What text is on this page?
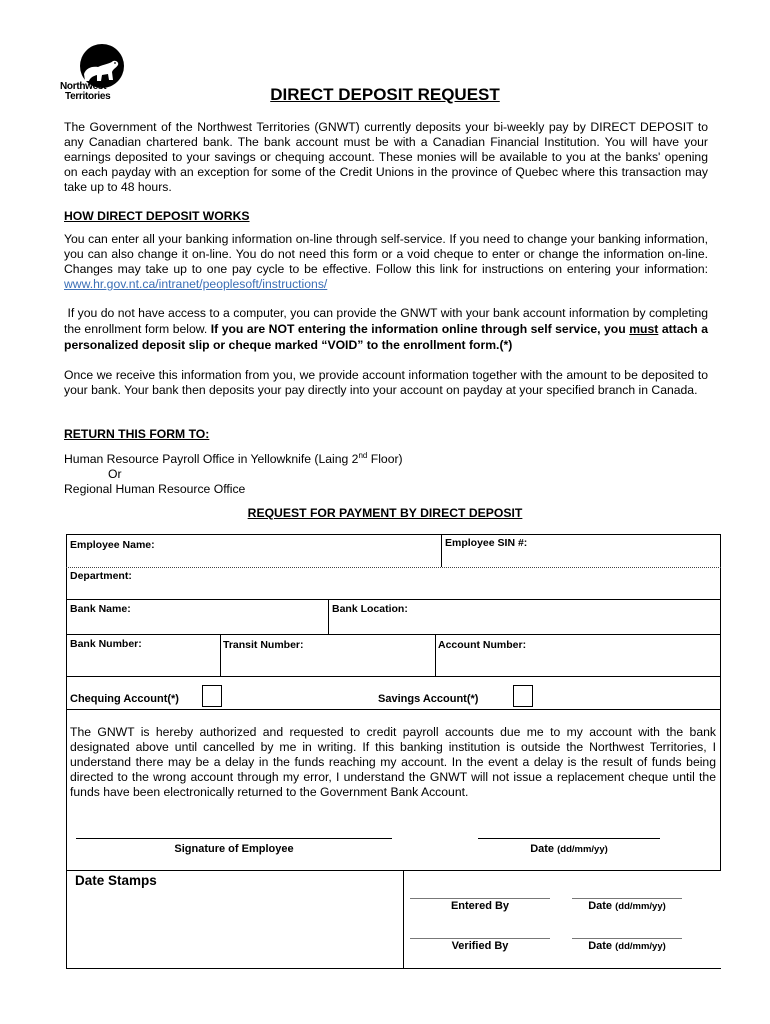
Northwest
Territories	DIRECT DEPOSIT REQUEST
The Government of the Northwest Territories (GNWT) currently deposits your bi-weekly pay by DIRECT DEPOSIT to any Canadian chartered bank. The bank account must be with a Canadian Financial Institution. You will have your earnings deposited to your savings or chequing account. These monies will be available to you at the banks' opening on each payday with an exception for some of the Credit Unions in the province of Quebec where this transaction may take up to 48 hours.
HOW DIRECT DEPOSIT WORKS
You can enter all your banking information on-line through self-service. If you need to change your banking information, you can also change it on-line. You do not need this form or a void cheque to enter or change the information on-line. Changes may take up to one pay cycle to be effective. Follow this link for instructions on entering your information: www.hr.gov.nt.ca/intranet/peoplesoft/instructions/
If you do not have access to a computer, you can provide the GNWT with your bank account information by completing the enrollment form below. If you are NOT entering the information online through self service, you must attach a personalized deposit slip or cheque marked “VOID” to the enrollment form.(*)
Once we receive this information from you, we provide account information together with the amount to be deposited to your bank. Your bank then deposits your pay directly into your account on payday at your specified branch in Canada.
RETURN THIS FORM TO:
Human Resource Payroll Office in Yellowknife (Laing 2nd Floor)
Or
Regional Human Resource Office
REQUEST FOR PAYMENT BY DIRECT DEPOSIT
Employee Name:	Employee SIN #:
Department:
Bank Name:	Bank Location:
Bank Number:	Transit Number:	Account Number:
Chequing Account(*)	Savings Account(*)
The GNWT is hereby authorized and requested to credit payroll accounts due me to my account with the bank designated above until cancelled by me in writing. If this banking institution is outside the Northwest Territories, I understand there may be a delay in the funds reaching my account. In the event a delay is the result of funds being directed to the wrong account through my error, I understand the GNWT will not issue a replacement cheque until the funds have been electronically returned to the Government Bank Account.
Signature of Employee	Date (dd/mm/yy)
Date Stamps
Entered By	Date (dd/mm/yy)
Verified By	Date (dd/mm/yy)
